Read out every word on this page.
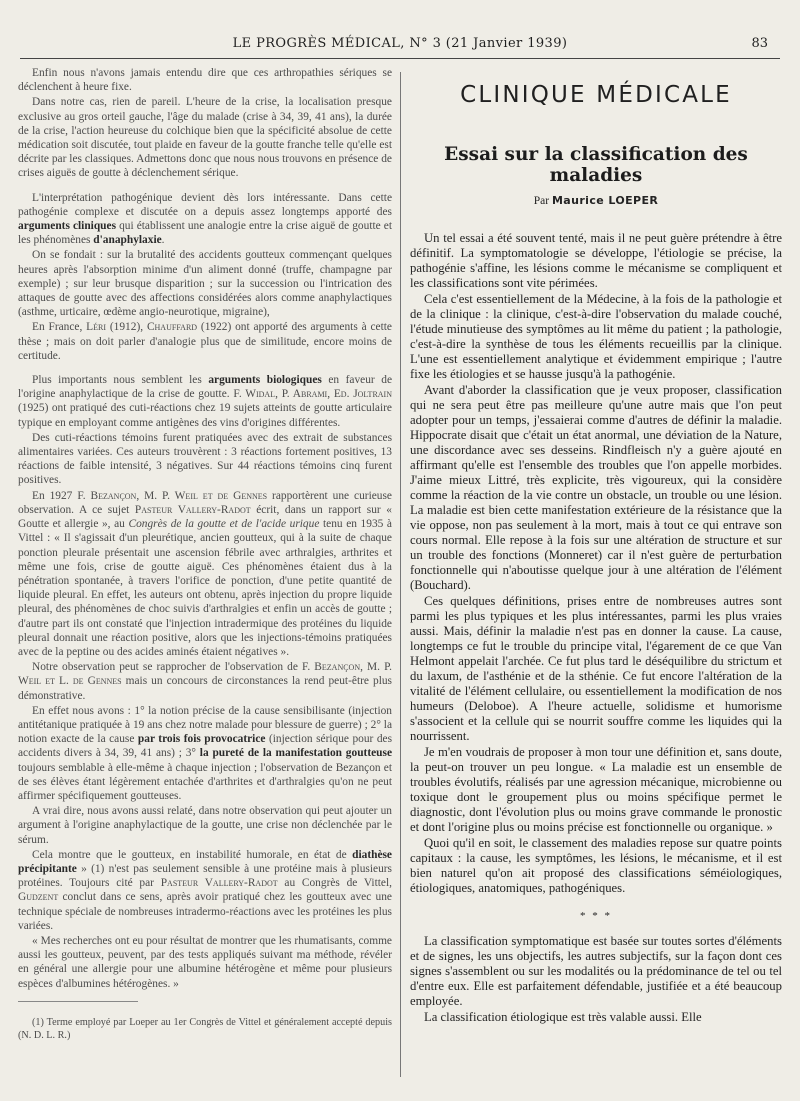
LE PROGRÈS MÉDICAL, N° 3 (21 Janvier 1939)	83

Enfin nous n'avons jamais entendu dire que ces arthropathies sériques se déclenchent à heure fixe.

Dans notre cas, rien de pareil. L'heure de la crise, la localisation presque exclusive au gros orteil gauche, l'âge du malade (crise à 34, 39, 41 ans), la durée de la crise, l'action heureuse du colchique bien que la spécificité absolue de cette médication soit discutée, tout plaide en faveur de la goutte franche telle qu'elle est décrite par les classiques. Admettons donc que nous nous trouvons en présence de crises aiguës de goutte à déclenchement sérique.

L'interprétation pathogénique devient dès lors intéressante. Dans cette pathogénie complexe et discutée on a depuis assez longtemps apporté des arguments cliniques qui établissent une analogie entre la crise aiguë de goutte et les phénomènes d'anaphylaxie.

On se fondait : sur la brutalité des accidents goutteux commençant quelques heures après l'absorption minime d'un aliment donné (truffe, champagne par exemple) ; sur leur brusque disparition ; sur la succession ou l'intrication des attaques de goutte avec des affections considérées alors comme anaphylactiques (asthme, urticaire, œdème angio-neurotique, migraine),

En France, Léri (1912), Chauffard (1922) ont apporté des arguments à cette thèse ; mais on doit parler d'analogie plus que de similitude, encore moins de certitude.

Plus importants nous semblent les arguments biologiques en faveur de l'origine anaphylactique de la crise de goutte. F. Widal, P. Abrami, Ed. Joltrain (1925) ont pratiqué des cuti-réactions chez 19 sujets atteints de goutte articulaire typique en employant comme antigènes des vins d'origines différentes.

Des cuti-réactions témoins furent pratiquées avec des extrait de substances alimentaires variées. Ces auteurs trouvèrent : 3 réactions fortement positives, 13 réactions de faible intensité, 3 négatives. Sur 44 réactions témoins cinq furent positives.

En 1927 F. Bezançon, M. P. Weil et de Gennes rapportèrent une curieuse observation. A ce sujet Pasteur Vallery-Radot écrit, dans un rapport sur « Goutte et allergie », au Congrès de la goutte et de l'acide urique tenu en 1935 à Vittel : « Il s'agissait d'un pleurétique, ancien goutteux, qui à la suite de chaque ponction pleurale présentait une ascension fébrile avec arthralgies, arthrites et même une fois, crise de goutte aiguë. Ces phénomènes étaient dus à la pénétration spontanée, à travers l'orifice de ponction, d'une petite quantité de liquide pleural. En effet, les auteurs ont obtenu, après injection du propre liquide pleural, des phénomènes de choc suivis d'arthralgies et enfin un accès de goutte ; d'autre part ils ont constaté que l'injection intradermique des protéines du liquide pleural donnait une réaction positive, alors que les injections-témoins pratiquées avec de la peptine ou des acides aminés étaient négatives ».

Notre observation peut se rapprocher de l'observation de F. Bezançon, M. P. Weil et L. de Gennes mais un concours de circonstances la rend peut-être plus démonstrative.

En effet nous avons : 1° la notion précise de la cause sensibilisante (injection antitétanique pratiquée à 19 ans chez notre malade pour blessure de guerre) ; 2° la notion exacte de la cause par trois fois provocatrice (injection sérique pour des accidents divers à 34, 39, 41 ans) ; 3° la pureté de la manifestation goutteuse toujours semblable à elle-même à chaque injection ; l'observation de Bezançon et de ses élèves étant légèrement entachée d'arthrites et d'arthralgies qu'on ne peut affirmer spécifiquement goutteuses.

A vrai dire, nous avons aussi relaté, dans notre observation qui peut ajouter un argument à l'origine anaphylactique de la goutte, une crise non déclenchée par le sérum.

Cela montre que le goutteux, en instabilité humorale, en état de diathèse précipitante » (1) n'est pas seulement sensible à une protéine mais à plusieurs protéines. Toujours cité par Pasteur Vallery-Radot au Congrès de Vittel, Gudzent conclut dans ce sens, après avoir pratiqué chez les goutteux avec une technique spéciale de nombreuses intradermo-réactions avec les protéines les plus variées.

« Mes recherches ont eu pour résultat de montrer que les rhumatisants, comme aussi les goutteux, peuvent, par des tests appliqués suivant ma méthode, révéler en général une allergie pour une albumine hétérogène et même pour plusieurs espèces d'albumines hétérogènes. »

(1) Terme employé par Loeper au 1er Congrès de Vittel et généralement accepté depuis (N. D. L. R.)

CLINIQUE MÉDICALE
Essai sur la classification des maladies
Par Maurice LOEPER

Un tel essai a été souvent tenté, mais il ne peut guère prétendre à être définitif. La symptomatologie se développe, l'étiologie se précise, la pathogénie s'affine, les lésions comme le mécanisme se compliquent et les classifications sont vite périmées.

Cela c'est essentiellement de la Médecine, à la fois de la pathologie et de la clinique : la clinique, c'est-à-dire l'observation du malade couché, l'étude minutieuse des symptômes au lit même du patient ; la pathologie, c'est-à-dire la synthèse de tous les éléments recueillis par la clinique. L'une est essentiellement analytique et évidemment empirique ; l'autre fixe les étiologies et se hausse jusqu'à la pathogénie.

Avant d'aborder la classification que je veux proposer, classification qui ne sera peut être pas meilleure qu'une autre mais que l'on peut adopter pour un temps, j'essaierai comme d'autres de définir la maladie. Hippocrate disait que c'était un état anormal, une déviation de la Nature, une discordance avec ses desseins. Rindfleisch n'y a guère ajouté en affirmant qu'elle est l'ensemble des troubles que l'on appelle morbides. J'aime mieux Littré, très explicite, très vigoureux, qui la considère comme la réaction de la vie contre un obstacle, un trouble ou une lésion. La maladie est bien cette manifestation extérieure de la résistance que la vie oppose, non pas seulement à la mort, mais à tout ce qui entrave son cours normal. Elle repose à la fois sur une altération de structure et sur un trouble des fonctions (Monneret) car il n'est guère de perturbation fonctionnelle qui n'aboutisse quelque jour à une altération de l'élément (Bouchard).

Ces quelques définitions, prises entre de nombreuses autres sont parmi les plus typiques et les plus intéressantes, parmi les plus vraies aussi. Mais, définir la maladie n'est pas en donner la cause. La cause, longtemps ce fut le trouble du principe vital, l'égarement de ce que Van Helmont appelait l'archée. Ce fut plus tard le déséquilibre du strictum et du laxum, de l'asthénie et de la sthénie. Ce fut encore l'altération de la vitalité de l'élément cellulaire, ou essentiellement la modification de nos humeurs (Deloboe). A l'heure actuelle, solidisme et humorisme s'associent et la cellule qui se nourrit souffre comme les liquides qui la nourrissent.

Je m'en voudrais de proposer à mon tour une définition et, sans doute, la peut-on trouver un peu longue. « La maladie est un ensemble de troubles évolutifs, réalisés par une agression mécanique, microbienne ou toxique dont le groupement plus ou moins spécifique permet le diagnostic, dont l'évolution plus ou moins grave commande le pronostic et dont l'origine plus ou moins précise est fonctionnelle ou organique. »

Quoi qu'il en soit, le classement des maladies repose sur quatre points capitaux : la cause, les symptômes, les lésions, le mécanisme, et il est bien naturel qu'on ait proposé des classifications séméiologiques, étiologiques, anatomiques, pathogéniques.

* * *

La classification symptomatique est basée sur toutes sortes d'éléments et de signes, les uns objectifs, les autres subjectifs, sur la façon dont ces signes s'assemblent ou sur les modalités ou la prédominance de tel ou tel d'entre eux. Elle est parfaitement défendable, justifiée et a été beaucoup employée.

La classification étiologique est très valable aussi. Elle
